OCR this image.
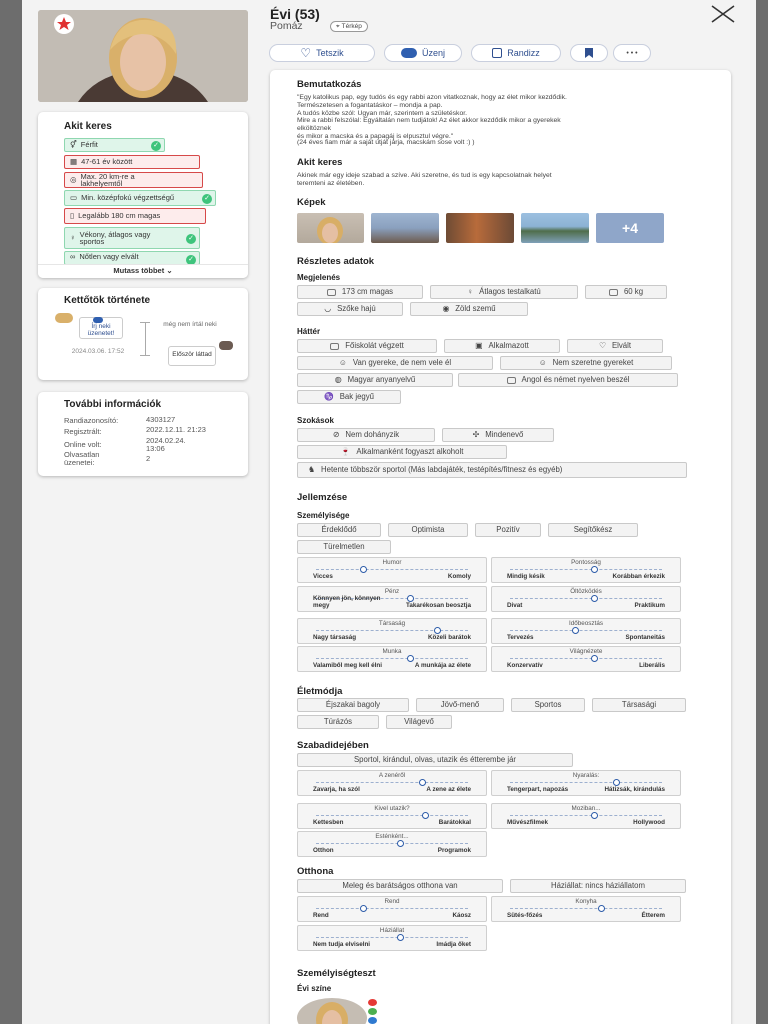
Évi (53)
Pomáz	⌖ Térkép
♡ Tetszik	Üzenj	Randizz	• • •
Akit keres
⚥ Férfit	✓
▦ 47-61 év között
◎ Max. 20 km-re a lakhelyemtől
▭ Min. középfokú végzettségű	✓
▯ Legalább 180 cm magas
♀ Vékony, átlagos vagy sportos	✓
∞ Nőtlen vagy elvált	✓
Mutass többet ⌄
Kettőtök története
Írj neki üzenetet!
még nem írtál neki
2024.03.06. 17:52	Először láttad
További információk
Randiazonosító:	4303127
Regisztrált:	2022.12.11. 21:23
Online volt:	2024.02.24. 13:06
Olvasatlan üzenetei:	2
Bemutatkozás
"Egy katolikus pap, egy tudós és egy rabbi azon vitatkoznak, hogy az élet mikor kezdődik.
Természetesen a fogantatáskor – mondja a pap.
A tudós közbe szól: Ugyan már, szerintem a születéskor.
Mire a rabbi felszólal: Egyáltalán nem tudjátok! Az élet akkor kezdődik mikor a gyerekek
elköltöznek
és mikor a macska és a papagáj is elpusztul végre."
(24 éves fiam már a saját útját járja, macskám sose volt :) )
Akit keres
Akinek már egy ideje szabad a szíve. Aki szeretne, és tud is egy kapcsolatnak helyet
teremteni az életében.
Képek
+4
Részletes adatok
Megjelenés
173 cm magas	♀ Átlagos testalkatú	60 kg
◡ Szőke hajú	◉ Zöld szemű
Háttér
Főiskolát végzett	▣ Alkalmazott	♡ Elvált
☺ Van gyereke, de nem vele él	☺ Nem szeretne gyereket
◍ Magyar anyanyelvű	Angol és német nyelven beszél
♑ Bak jegyű
Szokások
⊘ Nem dohányzik	✣ Mindenevő
🍷 Alkalmanként fogyaszt alkoholt
♞ Hetente többször sportol (Más labdajáték, testépítés/fitnesz és egyéb)
Jellemzése
Személyisége
Érdeklődő	Optimista	Pozitív	Segítőkész
Türelmetlen
Humor
Vicces	Komoly
Pontosság
Mindig késik	Korábban érkezik
Pénz
Könnyen jön, könnyen megy	Takarékosan beosztja
Öltözködés
Divat	Praktikum
Társaság
Nagy társaság	Közeli barátok
Időbeosztás
Tervezés	Spontaneitás
Munka
Valamiből meg kell élni	A munkája az élete
Világnézete
Konzervatív	Liberális
Életmódja
Éjszakai bagoly	Jövő-menő	Sportos	Társasági
Túrázós	Világevő
Szabadidejében
Sportol, kirándul, olvas, utazik és étterembe jár
A zenéről
Zavarja, ha szól	A zene az élete
Nyaralás:
Tengerpart, napozás	Hátizsák, kirándulás
Kivel utazik?
Kettesben	Barátokkal
Moziban...
Művészfilmek	Hollywood
Esténként...
Otthon	Programok
Otthona
Meleg és barátságos otthona van	Háziállat: nincs háziállatom
Rend
Rend	Káosz
Konyha
Sütés-főzés	Étterem
Háziállat
Nem tudja elviselni	Imádja őket
Személyiségteszt
Évi színe
